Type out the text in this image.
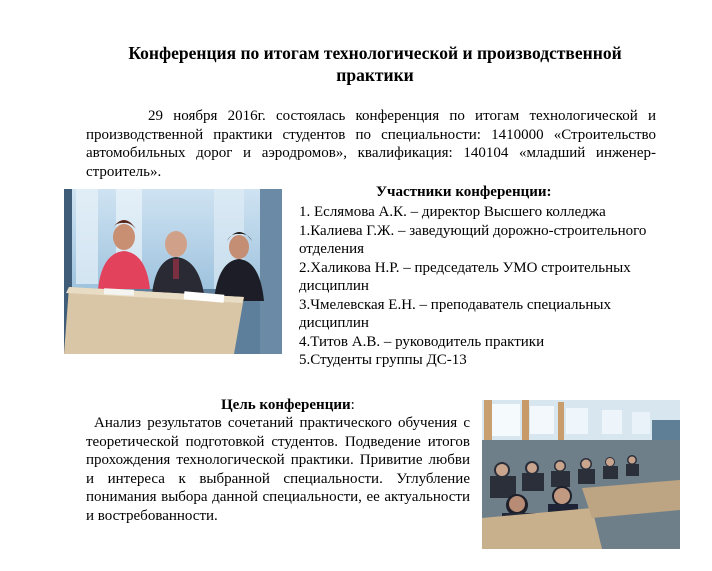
Конференция по итогам технологической и производственной практики
29 ноября 2016г. состоялась конференция по итогам технологической и производственной практики студентов по специальности: 1410000 «Строительство автомобильных дорог и аэродромов», квалификация: 140104 «младший инженер-строитель».
Участники конференции:
1. Еслямова А.К. – директор Высшего колледжа
1.Калиева Г.Ж. – заведующий дорожно-строительного отделения
2.Халикова Н.Р. – председатель УМО строительных дисциплин
3.Чмелевская Е.Н. – преподаватель специальных дисциплин
4.Титов А.В. – руководитель практики
5.Студенты группы ДС-13
Цель конференции:
Анализ результатов сочетаний практического обучения с теоретической подготовкой студентов. Подведение итогов прохождения технологической практики. Привитие любви и интереса к выбранной специальности. Углубление понимания выбора данной специальности, ее актуальности и востребованности.
